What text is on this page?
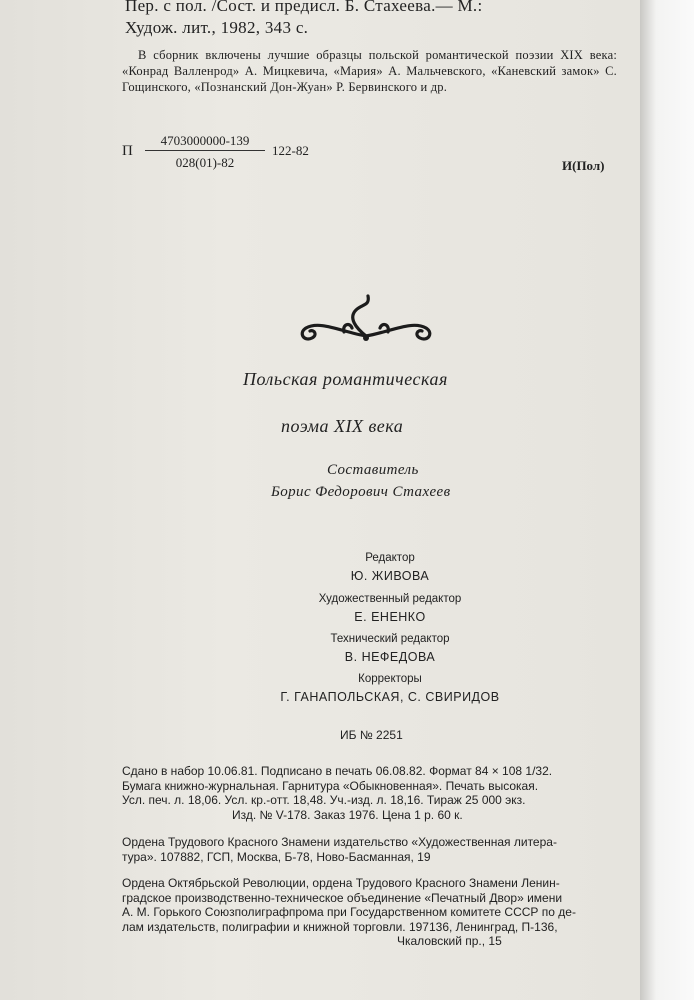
Пер. с пол. /Сост. и предисл. Б. Стахеева.— М.:
Худож. лит., 1982, 343 с.
В сборник включены лучшие образцы польской романтической поэзии XIX века: «Конрад Валленрод» А. Мицкевича, «Мария» А. Мальчевского, «Каневский замок» С. Гощинского, «Познанский Дон-Жуан» Р. Бервинского и др.
П
4703000000-139
028(01)-82
122-82
И(Пол)
Польская романтическая
поэма XIX века
Составитель
Борис Федорович Стахеев
Редактор
Ю. ЖИВОВА
Художественный редактор
Е. ЕНЕНКО
Технический редактор
В. НЕФЕДОВА
Корректоры
Г. ГАНАПОЛЬСКАЯ, С. СВИРИДОВ
ИБ № 2251
Сдано в набор 10.06.81. Подписано в печать 06.08.82. Формат 84 × 108 1/32.
Бумага книжно-журнальная. Гарнитура «Обыкновенная». Печать высокая.
Усл. печ. л. 18,06. Усл. кр.-отт. 18,48. Уч.-изд. л. 18,16. Тираж 25 000 экз.
Изд. № V-178. Заказ 1976. Цена 1 р. 60 к.
Ордена Трудового Красного Знамени издательство «Художественная литера-
тура». 107882, ГСП, Москва, Б-78, Ново-Басманная, 19
Ордена Октябрьской Революции, ордена Трудового Красного Знамени Ленин-
градское производственно-техническое объединение «Печатный Двор» имени
А. М. Горького Союзполиграфпрома при Государственном комитете СССР по де-
лам издательств, полиграфии и книжной торговли. 197136, Ленинград, П-136,
Чкаловский пр., 15
